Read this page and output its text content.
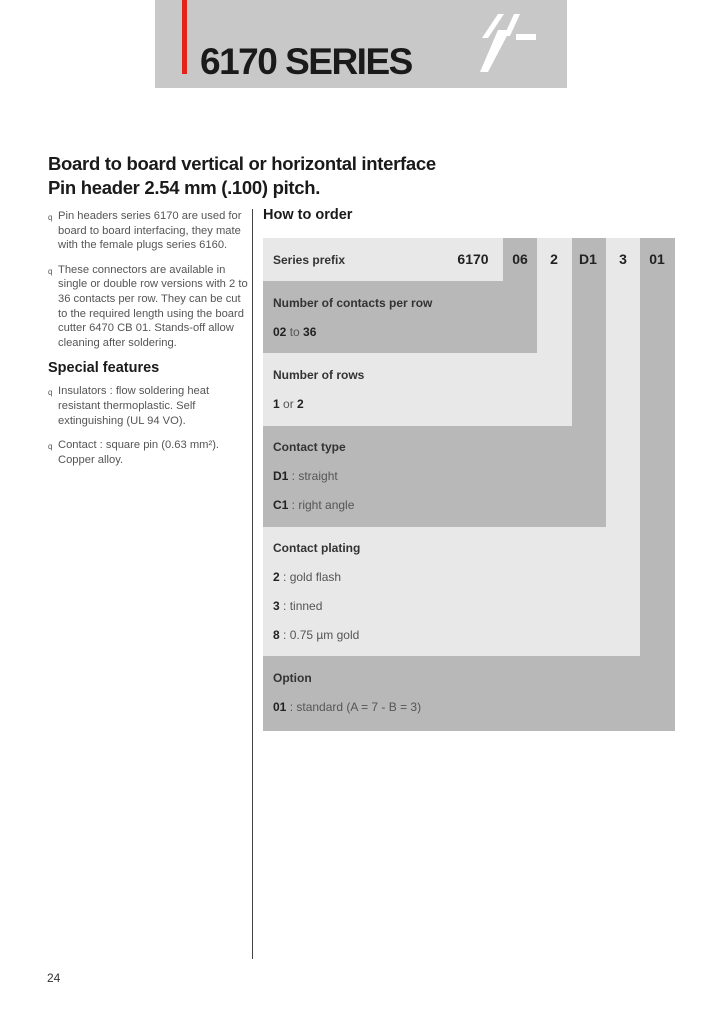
6170 SERIES
Board to board vertical or horizontal interface
Pin header 2.54 mm (.100) pitch.
q Pin headers series 6170 are used for board to board interfacing, they mate with the female plugs series 6160.
q These connectors are available in single or double row versions with 2 to 36 contacts per row. They can be cut to the required length using the board cutter 6470 CB 01. Stands-off allow cleaning after soldering.
Special features
q Insulators : flow soldering heat resistant thermoplastic. Self extinguishing (UL 94 VO).
q Contact : square pin (0.63 mm²). Copper alloy.
How to order
Series prefix	6170	06	2	D1	3	01
Number of contacts per row
02 to 36
Number of rows
1 or 2
Contact type
D1 : straight
C1 : right angle
Contact plating
2 : gold flash
3 : tinned
8 : 0.75 µm gold
Option
01 : standard (A = 7 - B = 3)
24
